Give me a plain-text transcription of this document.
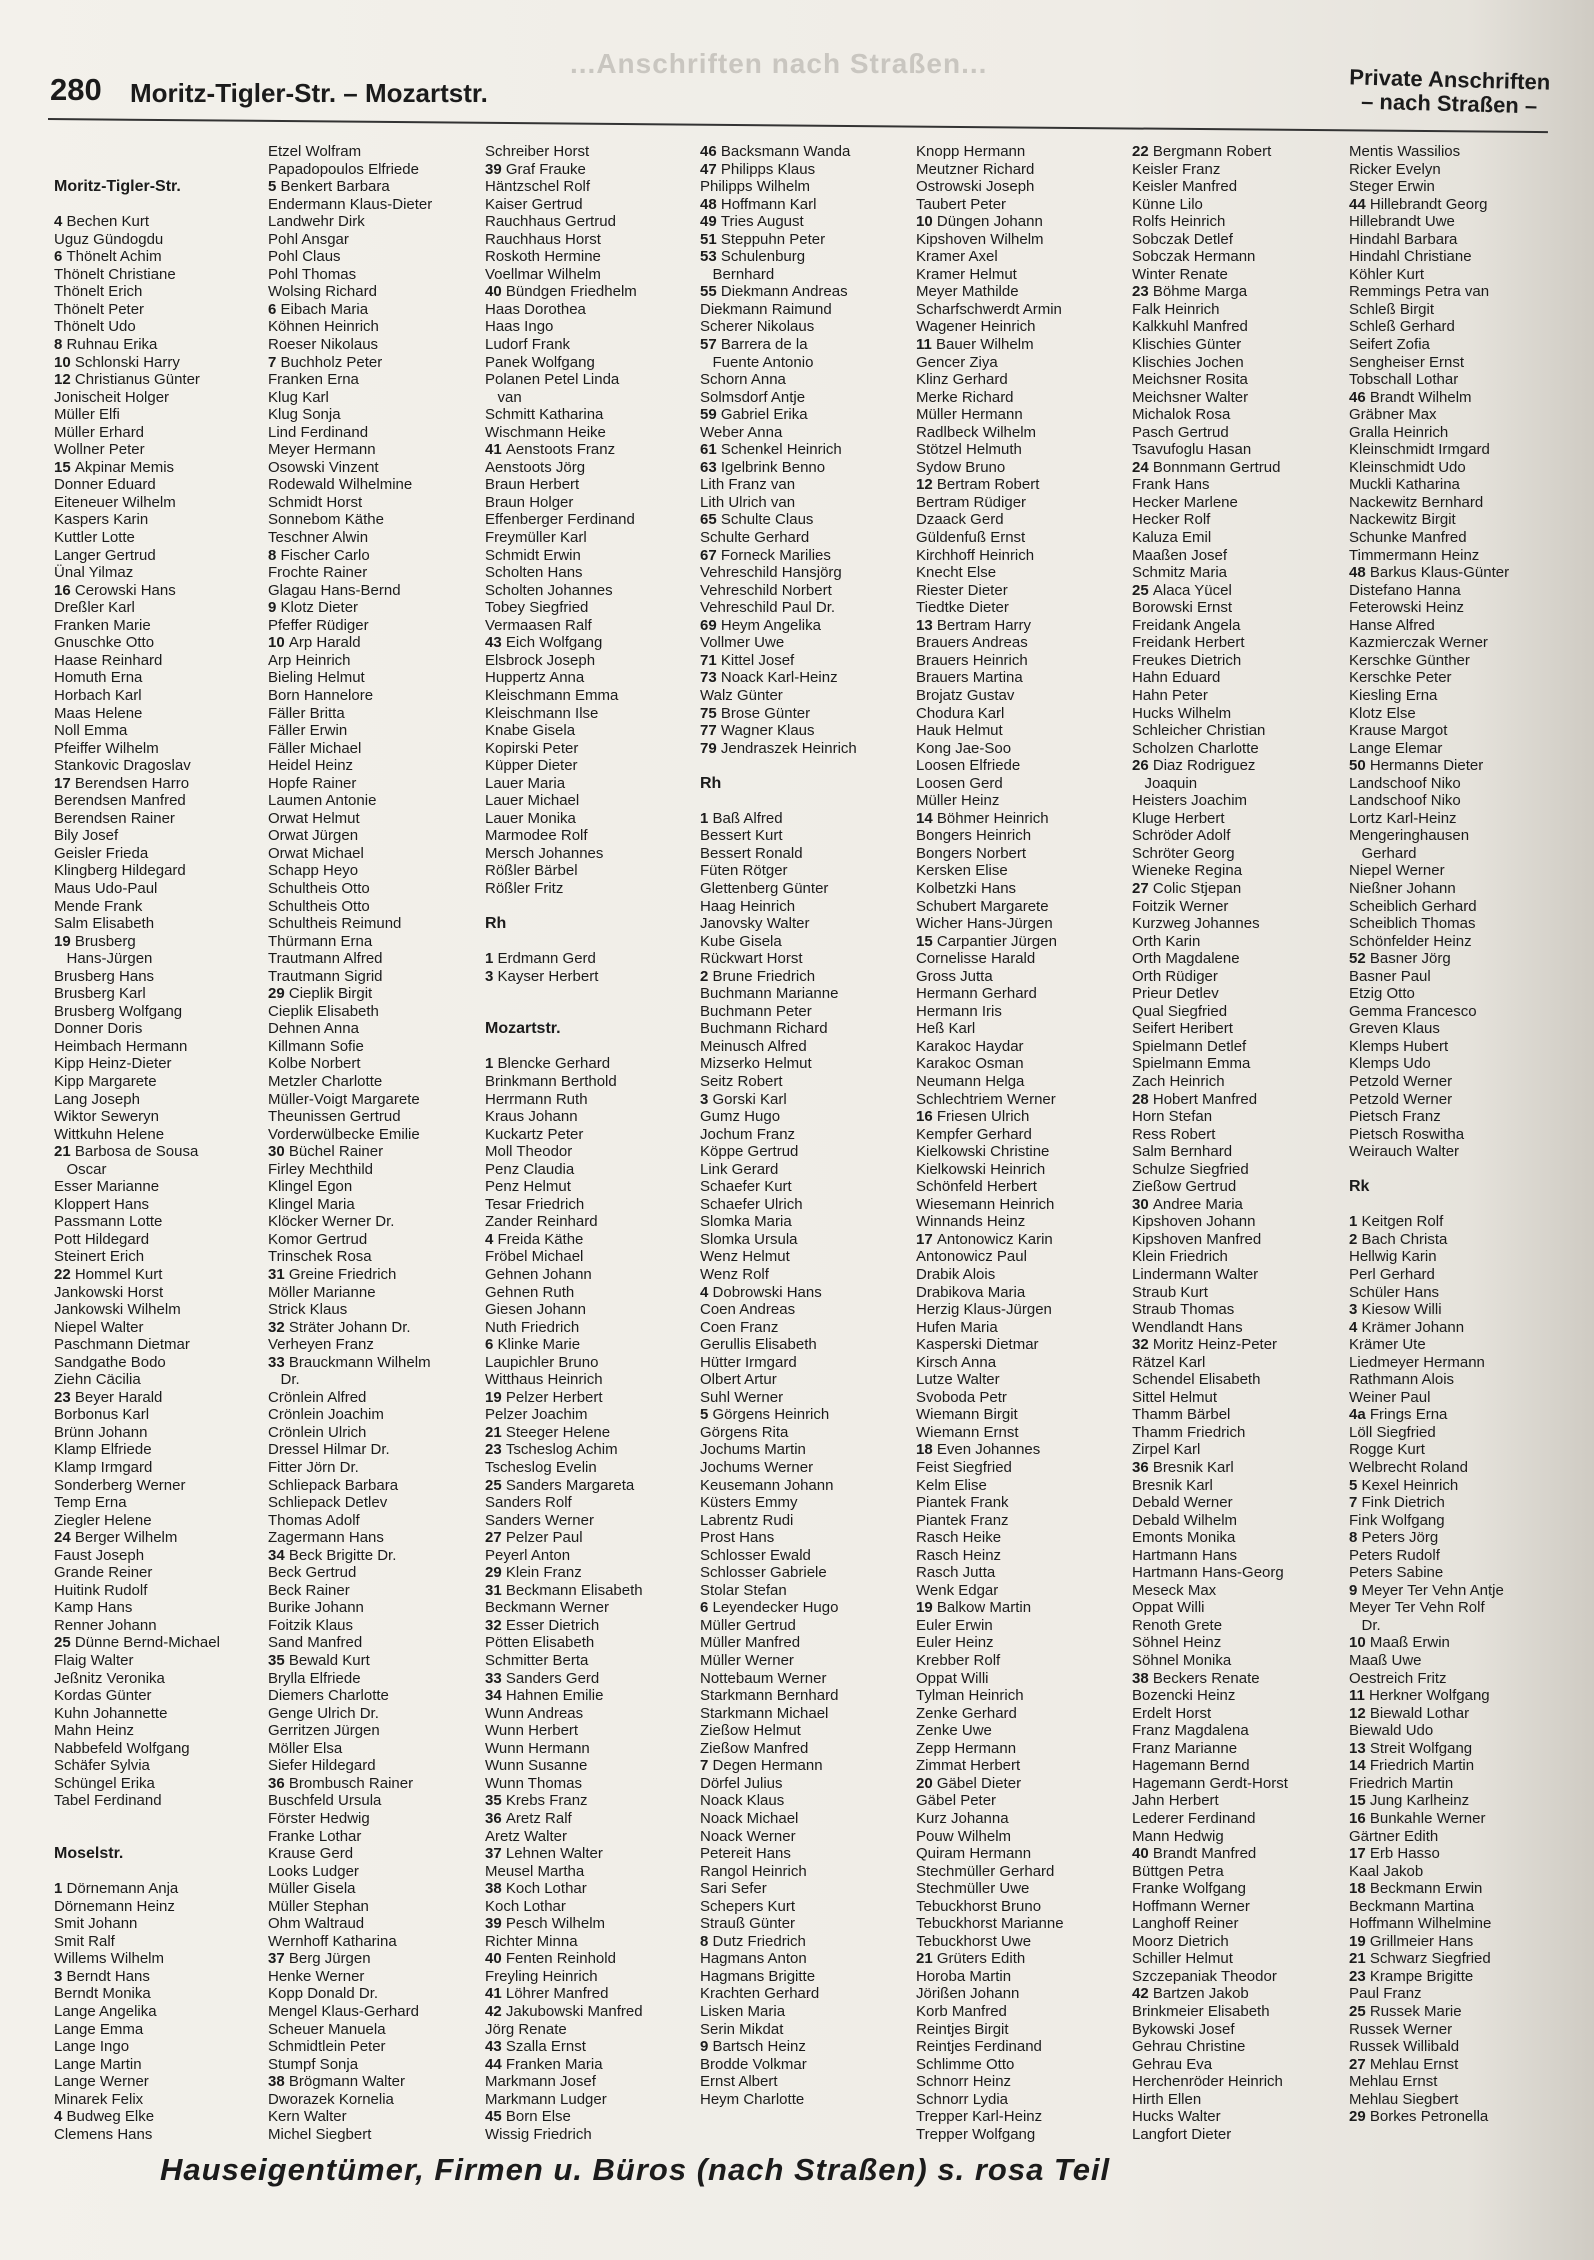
...Anschriften nach Straßen...
280 Moritz-Tigler-Str. – Mozartstr.	Private Anschriften
– nach Straßen –
Moritz-Tigler-Str.
4 Bechen Kurt
Uguz Gündogdu
6 Thönelt Achim
Thönelt Christiane
Thönelt Erich
Thönelt Peter
Thönelt Udo
8 Ruhnau Erika
10 Schlonski Harry
12 Christianus Günter
Jonischeit Holger
Müller Elfi
Müller Erhard
Wollner Peter
15 Akpinar Memis
Donner Eduard
Eiteneuer Wilhelm
Kaspers Karin
Kuttler Lotte
Langer Gertrud
Ünal Yilmaz
16 Cerowski Hans
Dreßler Karl
Franken Marie
Gnuschke Otto
Haase Reinhard
Homuth Erna
Horbach Karl
Maas Helene
Noll Emma
Pfeiffer Wilhelm
Stankovic Dragoslav
17 Berendsen Harro
Berendsen Manfred
Berendsen Rainer
Bily Josef
Geisler Frieda
Klingberg Hildegard
Maus Udo-Paul
Mende Frank
Salm Elisabeth
19 Brusberg
Hans-Jürgen
Brusberg Hans
Brusberg Karl
Brusberg Wolfgang
Donner Doris
Heimbach Hermann
Kipp Heinz-Dieter
Kipp Margarete
Lang Joseph
Wiktor Seweryn
Wittkuhn Helene
21 Barbosa de Sousa
Oscar
Esser Marianne
Kloppert Hans
Passmann Lotte
Pott Hildegard
Steinert Erich
22 Hommel Kurt
Jankowski Horst
Jankowski Wilhelm
Niepel Walter
Paschmann Dietmar
Sandgathe Bodo
Ziehn Cäcilia
23 Beyer Harald
Borbonus Karl
Brünn Johann
Klamp Elfriede
Klamp Irmgard
Sonderberg Werner
Temp Erna
Ziegler Helene
24 Berger Wilhelm
Faust Joseph
Grande Reiner
Huitink Rudolf
Kamp Hans
Renner Johann
25 Dünne Bernd-Michael
Flaig Walter
Jeßnitz Veronika
Kordas Günter
Kuhn Johannette
Mahn Heinz
Nabbefeld Wolfgang
Schäfer Sylvia
Schüngel Erika
Tabel Ferdinand
Moselstr.
1 Dörnemann Anja
Dörnemann Heinz
Smit Johann
Smit Ralf
Willems Wilhelm
3 Berndt Hans
Berndt Monika
Lange Angelika
Lange Emma
Lange Ingo
Lange Martin
Lange Werner
Minarek Felix
4 Budweg Elke
Clemens Hans
Etzel Wolfram
Papadopoulos Elfriede
5 Benkert Barbara
Endermann Klaus-Dieter
Landwehr Dirk
Pohl Ansgar
Pohl Claus
Pohl Thomas
Wolsing Richard
6 Eibach Maria
Köhnen Heinrich
Roeser Nikolaus
7 Buchholz Peter
Franken Erna
Klug Karl
Klug Sonja
Lind Ferdinand
Meyer Hermann
Osowski Vinzent
Rodewald Wilhelmine
Schmidt Horst
Sonnebom Käthe
Teschner Alwin
8 Fischer Carlo
Frochte Rainer
Glagau Hans-Bernd
9 Klotz Dieter
Pfeffer Rüdiger
10 Arp Harald
Arp Heinrich
Bieling Helmut
Born Hannelore
Fäller Britta
Fäller Erwin
Fäller Michael
Heidel Heinz
Hopfe Rainer
Laumen Antonie
Orwat Helmut
Orwat Jürgen
Orwat Michael
Schapp Heyo
Schultheis Otto
Schultheis Otto
Schultheis Reimund
Thürmann Erna
Trautmann Alfred
Trautmann Sigrid
29 Cieplik Birgit
Cieplik Elisabeth
Dehnen Anna
Killmann Sofie
Kolbe Norbert
Metzler Charlotte
Müller-Voigt Margarete
Theunissen Gertrud
Vorderwülbecke Emilie
30 Büchel Rainer
Firley Mechthild
Klingel Egon
Klingel Maria
Klöcker Werner Dr.
Komor Gertrud
Trinschek Rosa
31 Greine Friedrich
Möller Marianne
Strick Klaus
32 Sträter Johann Dr.
Verheyen Franz
33 Brauckmann Wilhelm
Dr.
Crönlein Alfred
Crönlein Joachim
Crönlein Ulrich
Dressel Hilmar Dr.
Fitter Jörn Dr.
Schliepack Barbara
Schliepack Detlev
Thomas Adolf
Zagermann Hans
34 Beck Brigitte Dr.
Beck Gertrud
Beck Rainer
Burike Johann
Foitzik Klaus
Sand Manfred
35 Bewald Kurt
Brylla Elfriede
Diemers Charlotte
Genge Ulrich Dr.
Gerritzen Jürgen
Möller Elsa
Siefer Hildegard
36 Brombusch Rainer
Buschfeld Ursula
Förster Hedwig
Franke Lothar
Krause Gerd
Looks Ludger
Müller Gisela
Müller Stephan
Ohm Waltraud
Wernhoff Katharina
37 Berg Jürgen
Henke Werner
Kopp Donald Dr.
Mengel Klaus-Gerhard
Scheuer Manuela
Schmidtlein Peter
Stumpf Sonja
38 Brögmann Walter
Dworazek Kornelia
Kern Walter
Michel Siegbert
Schreiber Horst
39 Graf Frauke
Häntzschel Rolf
Kaiser Gertrud
Rauchhaus Gertrud
Rauchhaus Horst
Roskoth Hermine
Voellmar Wilhelm
40 Bündgen Friedhelm
Haas Dorothea
Haas Ingo
Ludorf Frank
Panek Wolfgang
Polanen Petel Linda
van
Schmitt Katharina
Wischmann Heike
41 Aenstoots Franz
Aenstoots Jörg
Braun Herbert
Braun Holger
Effenberger Ferdinand
Freymüller Karl
Schmidt Erwin
Scholten Hans
Scholten Johannes
Tobey Siegfried
Vermaasen Ralf
43 Eich Wolfgang
Elsbrock Joseph
Huppertz Anna
Kleischmann Emma
Kleischmann Ilse
Knabe Gisela
Kopirski Peter
Küpper Dieter
Lauer Maria
Lauer Michael
Lauer Monika
Marmodee Rolf
Mersch Johannes
Rößler Bärbel
Rößler Fritz
Rh
1 Erdmann Gerd
3 Kayser Herbert
Mozartstr.
1 Blencke Gerhard
Brinkmann Berthold
Herrmann Ruth
Kraus Johann
Kuckartz Peter
Moll Theodor
Penz Claudia
Penz Helmut
Tesar Friedrich
Zander Reinhard
4 Freida Käthe
Fröbel Michael
Gehnen Johann
Gehnen Ruth
Giesen Johann
Nuth Friedrich
6 Klinke Marie
Laupichler Bruno
Witthaus Heinrich
19 Pelzer Herbert
Pelzer Joachim
21 Steeger Helene
23 Tscheslog Achim
Tscheslog Evelin
25 Sanders Margareta
Sanders Rolf
Sanders Werner
27 Pelzer Paul
Peyerl Anton
29 Klein Franz
31 Beckmann Elisabeth
Beckmann Werner
32 Esser Dietrich
Pötten Elisabeth
Schmitter Berta
33 Sanders Gerd
34 Hahnen Emilie
Wunn Andreas
Wunn Herbert
Wunn Hermann
Wunn Susanne
Wunn Thomas
35 Krebs Franz
36 Aretz Ralf
Aretz Walter
37 Lehnen Walter
Meusel Martha
38 Koch Lothar
Koch Lothar
39 Pesch Wilhelm
Richter Minna
40 Fenten Reinhold
Freyling Heinrich
41 Löhrer Manfred
42 Jakubowski Manfred
Jörg Renate
43 Szalla Ernst
44 Franken Maria
Markmann Josef
Markmann Ludger
45 Born Else
Wissig Friedrich
46 Backsmann Wanda
47 Philipps Klaus
Philipps Wilhelm
48 Hoffmann Karl
49 Tries August
51 Steppuhn Peter
53 Schulenburg
Bernhard
55 Diekmann Andreas
Diekmann Raimund
Scherer Nikolaus
57 Barrera de la
Fuente Antonio
Schorn Anna
Solmsdorf Antje
59 Gabriel Erika
Weber Anna
61 Schenkel Heinrich
63 Igelbrink Benno
Lith Franz van
Lith Ulrich van
65 Schulte Claus
Schulte Gerhard
67 Forneck Marilies
Vehreschild Hansjörg
Vehreschild Norbert
Vehreschild Paul Dr.
69 Heym Angelika
Vollmer Uwe
71 Kittel Josef
73 Noack Karl-Heinz
Walz Günter
75 Brose Günter
77 Wagner Klaus
79 Jendraszek Heinrich
Rh
1 Baß Alfred
Bessert Kurt
Bessert Ronald
Füten Rötger
Glettenberg Günter
Haag Heinrich
Janovsky Walter
Kube Gisela
Rückwart Horst
2 Brune Friedrich
Buchmann Marianne
Buchmann Peter
Buchmann Richard
Meinusch Alfred
Mizserko Helmut
Seitz Robert
3 Gorski Karl
Gumz Hugo
Jochum Franz
Köppe Gertrud
Link Gerard
Schaefer Kurt
Schaefer Ulrich
Slomka Maria
Slomka Ursula
Wenz Helmut
Wenz Rolf
4 Dobrowski Hans
Coen Andreas
Coen Franz
Gerullis Elisabeth
Hütter Irmgard
Olbert Artur
Suhl Werner
5 Görgens Heinrich
Görgens Rita
Jochums Martin
Jochums Werner
Keusemann Johann
Küsters Emmy
Labrentz Rudi
Prost Hans
Schlosser Ewald
Schlosser Gabriele
Stolar Stefan
6 Leyendecker Hugo
Müller Gertrud
Müller Manfred
Müller Werner
Nottebaum Werner
Starkmann Bernhard
Starkmann Michael
Zießow Helmut
Zießow Manfred
7 Degen Hermann
Dörfel Julius
Noack Klaus
Noack Michael
Noack Werner
Petereit Hans
Rangol Heinrich
Sari Sefer
Schepers Kurt
Strauß Günter
8 Dutz Friedrich
Hagmans Anton
Hagmans Brigitte
Krachten Gerhard
Lisken Maria
Serin Mikdat
9 Bartsch Heinz
Brodde Volkmar
Ernst Albert
Heym Charlotte
Knopp Hermann
Meutzner Richard
Ostrowski Joseph
Taubert Peter
10 Düngen Johann
Kipshoven Wilhelm
Kramer Axel
Kramer Helmut
Meyer Mathilde
Scharfschwerdt Armin
Wagener Heinrich
11 Bauer Wilhelm
Gencer Ziya
Klinz Gerhard
Merke Richard
Müller Hermann
Radlbeck Wilhelm
Stötzel Helmuth
Sydow Bruno
12 Bertram Robert
Bertram Rüdiger
Dzaack Gerd
Güldenfuß Ernst
Kirchhoff Heinrich
Knecht Else
Riester Dieter
Tiedtke Dieter
13 Bertram Harry
Brauers Andreas
Brauers Heinrich
Brauers Martina
Brojatz Gustav
Chodura Karl
Hauk Helmut
Kong Jae-Soo
Loosen Elfriede
Loosen Gerd
Müller Heinz
14 Böhmer Heinrich
Bongers Heinrich
Bongers Norbert
Kersken Elise
Kolbetzki Hans
Schubert Margarete
Wicher Hans-Jürgen
15 Carpantier Jürgen
Cornelisse Harald
Gross Jutta
Hermann Gerhard
Hermann Iris
Heß Karl
Karakoc Haydar
Karakoc Osman
Neumann Helga
Schlechtriem Werner
16 Friesen Ulrich
Kempfer Gerhard
Kielkowski Christine
Kielkowski Heinrich
Schönfeld Herbert
Wiesemann Heinrich
Winnands Heinz
17 Antonowicz Karin
Antonowicz Paul
Drabik Alois
Drabikova Maria
Herzig Klaus-Jürgen
Hufen Maria
Kasperski Dietmar
Kirsch Anna
Lutze Walter
Svoboda Petr
Wiemann Birgit
Wiemann Ernst
18 Even Johannes
Feist Siegfried
Kelm Elise
Piantek Frank
Piantek Franz
Rasch Heike
Rasch Heinz
Rasch Jutta
Wenk Edgar
19 Balkow Martin
Euler Erwin
Euler Heinz
Krebber Rolf
Oppat Willi
Tylman Heinrich
Zenke Gerhard
Zenke Uwe
Zepp Hermann
Zimmat Herbert
20 Gäbel Dieter
Gäbel Peter
Kurz Johanna
Pouw Wilhelm
Quiram Hermann
Stechmüller Gerhard
Stechmüller Uwe
Tebuckhorst Bruno
Tebuckhorst Marianne
Tebuckhorst Uwe
21 Grüters Edith
Horoba Martin
Jörißen Johann
Korb Manfred
Reintjes Birgit
Reintjes Ferdinand
Schlimme Otto
Schnorr Heinz
Schnorr Lydia
Trepper Karl-Heinz
Trepper Wolfgang
22 Bergmann Robert
Keisler Franz
Keisler Manfred
Künne Lilo
Rolfs Heinrich
Sobczak Detlef
Sobczak Hermann
Winter Renate
23 Böhme Marga
Falk Heinrich
Kalkkuhl Manfred
Klischies Günter
Klischies Jochen
Meichsner Rosita
Meichsner Walter
Michalok Rosa
Pasch Gertrud
Tsavufoglu Hasan
24 Bonnmann Gertrud
Frank Hans
Hecker Marlene
Hecker Rolf
Kaluza Emil
Maaßen Josef
Schmitz Maria
25 Alaca Yücel
Borowski Ernst
Freidank Angela
Freidank Herbert
Freukes Dietrich
Hahn Eduard
Hahn Peter
Hucks Wilhelm
Schleicher Christian
Scholzen Charlotte
26 Diaz Rodriguez
Joaquin
Heisters Joachim
Kluge Herbert
Schröder Adolf
Schröter Georg
Wieneke Regina
27 Colic Stjepan
Foitzik Werner
Kurzweg Johannes
Orth Karin
Orth Magdalene
Orth Rüdiger
Prieur Detlev
Qual Siegfried
Seifert Heribert
Spielmann Detlef
Spielmann Emma
Zach Heinrich
28 Hobert Manfred
Horn Stefan
Ress Robert
Salm Bernhard
Schulze Siegfried
Zießow Gertrud
30 Andree Maria
Kipshoven Johann
Kipshoven Manfred
Klein Friedrich
Lindermann Walter
Straub Kurt
Straub Thomas
Wendlandt Hans
32 Moritz Heinz-Peter
Rätzel Karl
Schendel Elisabeth
Sittel Helmut
Thamm Bärbel
Thamm Friedrich
Zirpel Karl
36 Bresnik Karl
Bresnik Karl
Debald Werner
Debald Wilhelm
Emonts Monika
Hartmann Hans
Hartmann Hans-Georg
Meseck Max
Oppat Willi
Renoth Grete
Söhnel Heinz
Söhnel Monika
38 Beckers Renate
Bozencki Heinz
Erdelt Horst
Franz Magdalena
Franz Marianne
Hagemann Bernd
Hagemann Gerdt-Horst
Jahn Herbert
Lederer Ferdinand
Mann Hedwig
40 Brandt Manfred
Büttgen Petra
Franke Wolfgang
Hoffmann Werner
Langhoff Reiner
Moorz Dietrich
Schiller Helmut
Szczepaniak Theodor
42 Bartzen Jakob
Brinkmeier Elisabeth
Bykowski Josef
Gehrau Christine
Gehrau Eva
Herchenröder Heinrich
Hirth Ellen
Hucks Walter
Langfort Dieter
Mentis Wassilios
Ricker Evelyn
Steger Erwin
44 Hillebrandt Georg
Hillebrandt Uwe
Hindahl Barbara
Hindahl Christiane
Köhler Kurt
Remmings Petra van
Schleß Birgit
Schleß Gerhard
Seifert Zofia
Sengheiser Ernst
Tobschall Lothar
46 Brandt Wilhelm
Gräbner Max
Gralla Heinrich
Kleinschmidt Irmgard
Kleinschmidt Udo
Muckli Katharina
Nackewitz Bernhard
Nackewitz Birgit
Schunke Manfred
Timmermann Heinz
48 Barkus Klaus-Günter
Distefano Hanna
Feterowski Heinz
Hanse Alfred
Kazmierczak Werner
Kerschke Günther
Kerschke Peter
Kiesling Erna
Klotz Else
Krause Margot
Lange Elemar
50 Hermanns Dieter
Landschoof Niko
Landschoof Niko
Lortz Karl-Heinz
Mengeringhausen
Gerhard
Niepel Werner
Nießner Johann
Scheiblich Gerhard
Scheiblich Thomas
Schönfelder Heinz
52 Basner Jörg
Basner Paul
Etzig Otto
Gemma Francesco
Greven Klaus
Klemps Hubert
Klemps Udo
Petzold Werner
Petzold Werner
Pietsch Franz
Pietsch Roswitha
Weirauch Walter
Rk
1 Keitgen Rolf
2 Bach Christa
Hellwig Karin
Perl Gerhard
Schüler Hans
3 Kiesow Willi
4 Krämer Johann
Krämer Ute
Liedmeyer Hermann
Rathmann Alois
Weiner Paul
4a Frings Erna
Löll Siegfried
Rogge Kurt
Welbrecht Roland
5 Kexel Heinrich
7 Fink Dietrich
Fink Wolfgang
8 Peters Jörg
Peters Rudolf
Peters Sabine
9 Meyer Ter Vehn Antje
Meyer Ter Vehn Rolf
Dr.
10 Maaß Erwin
Maaß Uwe
Oestreich Fritz
11 Herkner Wolfgang
12 Biewald Lothar
Biewald Udo
13 Streit Wolfgang
14 Friedrich Martin
Friedrich Martin
15 Jung Karlheinz
16 Bunkahle Werner
Gärtner Edith
17 Erb Hasso
Kaal Jakob
18 Beckmann Erwin
Beckmann Martina
Hoffmann Wilhelmine
19 Grillmeier Hans
21 Schwarz Siegfried
23 Krampe Brigitte
Paul Franz
25 Russek Marie
Russek Werner
Russek Willibald
27 Mehlau Ernst
Mehlau Ernst
Mehlau Siegbert
29 Borkes Petronella
Hauseigentümer, Firmen u. Büros (nach Straßen) s. rosa Teil
